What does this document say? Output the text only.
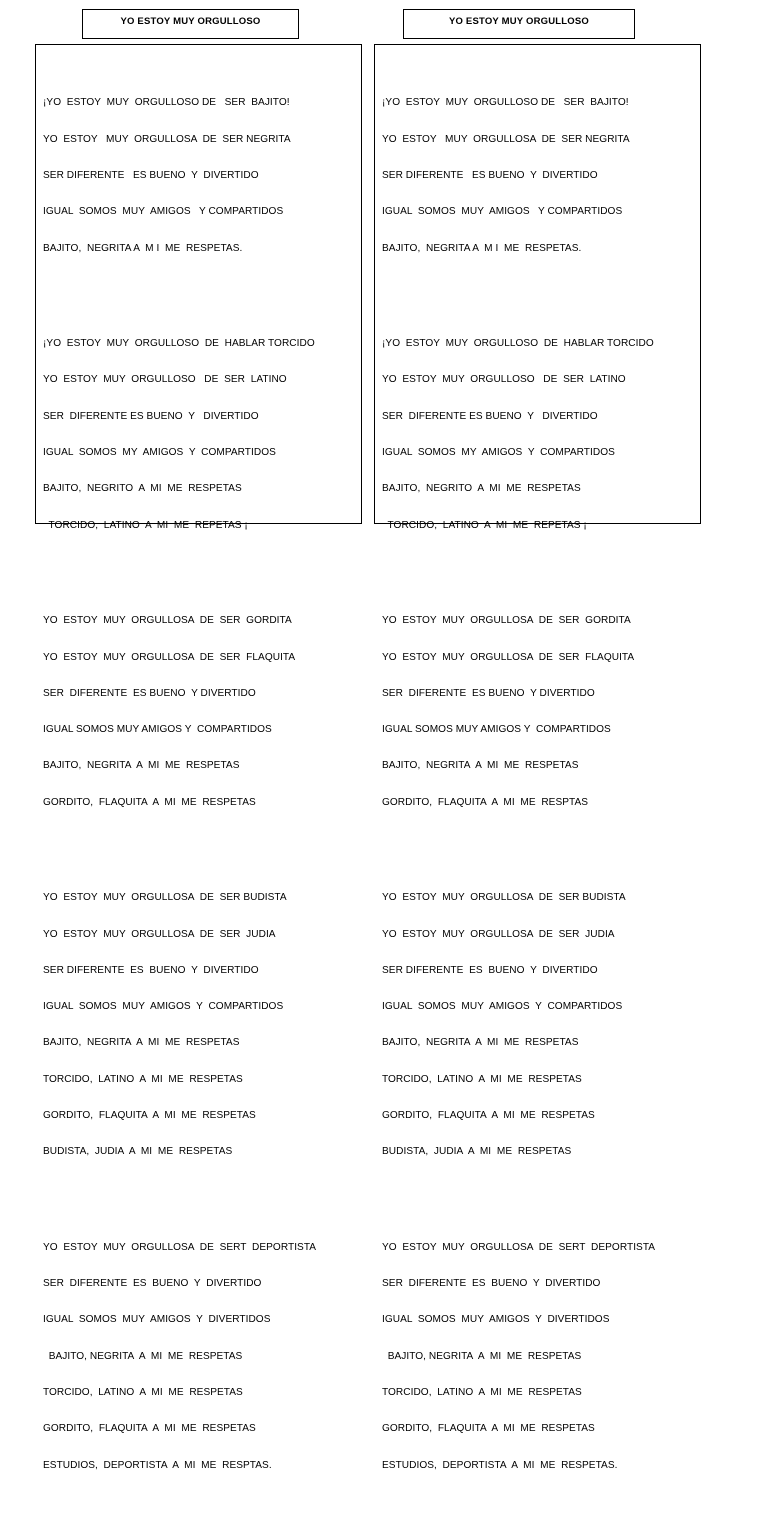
YO ESTOY MUY ORGULLOSO

¡YO  ESTOY  MUY  ORGULLOSO DE   SER  BAJITO!

YO  ESTOY   MUY  ORGULLOSA  DE  SER NEGRITA

SER DIFERENTE   ES BUENO  Y  DIVERTIDO

IGUAL  SOMOS  MUY  AMIGOS   Y COMPARTIDOS

BAJITO,  NEGRITA A  M I  ME  RESPETAS.

¡YO  ESTOY  MUY  ORGULLOSO  DE  HABLAR TORCIDO

YO  ESTOY  MUY  ORGULLOSO   DE  SER  LATINO

SER  DIFERENTE ES BUENO  Y   DIVERTIDO

IGUAL  SOMOS  MY  AMIGOS  Y  COMPARTIDOS

BAJITO,  NEGRITO  A  MI  ME  RESPETAS

TORCIDO,  LATINO  A  MI  ME  REPETAS ¡

YO  ESTOY  MUY  ORGULLOSA  DE  SER  GORDITA

YO  ESTOY  MUY  ORGULLOSA  DE  SER  FLAQUITA

SER  DIFERENTE  ES BUENO  Y DIVERTIDO

IGUAL SOMOS MUY AMIGOS Y  COMPARTIDOS

BAJITO,  NEGRITA  A  MI  ME  RESPETAS

GORDITO,  FLAQUITA  A  MI  ME  RESPETAS

YO  ESTOY  MUY  ORGULLOSA  DE  SER BUDISTA

YO  ESTOY  MUY  ORGULLOSA  DE  SER  JUDIA

SER DIFERENTE  ES  BUENO  Y  DIVERTIDO

IGUAL  SOMOS  MUY  AMIGOS  Y  COMPARTIDOS

BAJITO,  NEGRITA  A  MI  ME  RESPETAS

TORCIDO,  LATINO  A  MI  ME  RESPETAS

GORDITO,  FLAQUITA  A  MI  ME  RESPETAS

BUDISTA,  JUDIA  A  MI  ME  RESPETAS

YO  ESTOY  MUY  ORGULLOSA  DE  SERT  DEPORTISTA

SER  DIFERENTE  ES  BUENO  Y  DIVERTIDO

IGUAL  SOMOS  MUY  AMIGOS  Y  DIVERTIDOS

BAJITO, NEGRITA  A  MI  ME  RESPETAS

TORCIDO,  LATINO  A  MI  ME  RESPETAS

GORDITO,  FLAQUITA  A  MI  ME  RESPETAS

ESTUDIOS,  DEPORTISTA  A  MI  ME  RESPTAS.

YO ESTOY MUY ORGULLOSO

¡YO  ESTOY  MUY  ORGULLOSO DE   SER  BAJITO!

YO  ESTOY   MUY  ORGULLOSA  DE  SER NEGRITA

SER DIFERENTE   ES BUENO  Y  DIVERTIDO

IGUAL  SOMOS  MUY  AMIGOS   Y COMPARTIDOS

BAJITO,  NEGRITA A  M I  ME  RESPETAS.

¡YO  ESTOY  MUY  ORGULLOSO  DE  HABLAR TORCIDO

YO  ESTOY  MUY  ORGULLOSO   DE  SER  LATINO

SER  DIFERENTE ES BUENO  Y   DIVERTIDO

IGUAL  SOMOS  MY  AMIGOS  Y  COMPARTIDOS

BAJITO,  NEGRITO  A  MI  ME  RESPETAS

TORCIDO,  LATINO  A  MI  ME  REPETAS ¡

YO  ESTOY  MUY  ORGULLOSA  DE  SER  GORDITA

YO  ESTOY  MUY  ORGULLOSA  DE  SER  FLAQUITA

SER  DIFERENTE  ES BUENO  Y DIVERTIDO

IGUAL SOMOS MUY AMIGOS Y  COMPARTIDOS

BAJITO,  NEGRITA  A  MI  ME  RESPETAS

GORDITO,  FLAQUITA  A  MI  ME  RESPTAS

YO  ESTOY  MUY  ORGULLOSA  DE  SER BUDISTA

YO  ESTOY  MUY  ORGULLOSA  DE  SER  JUDIA

SER DIFERENTE  ES  BUENO  Y  DIVERTIDO

IGUAL  SOMOS  MUY  AMIGOS  Y  COMPARTIDOS

BAJITO,  NEGRITA  A  MI  ME  RESPETAS

TORCIDO,  LATINO  A  MI  ME  RESPETAS

GORDITO,  FLAQUITA  A  MI  ME  RESPETAS

BUDISTA,  JUDIA  A  MI  ME  RESPETAS

YO  ESTOY  MUY  ORGULLOSA  DE  SERT  DEPORTISTA

SER  DIFERENTE  ES  BUENO  Y  DIVERTIDO

IGUAL  SOMOS  MUY  AMIGOS  Y  DIVERTIDOS

BAJITO, NEGRITA  A  MI  ME  RESPETAS

TORCIDO,  LATINO  A  MI  ME  RESPETAS

GORDITO,  FLAQUITA  A  MI  ME  RESPETAS

ESTUDIOS,  DEPORTISTA  A  MI  ME  RESPETAS.
